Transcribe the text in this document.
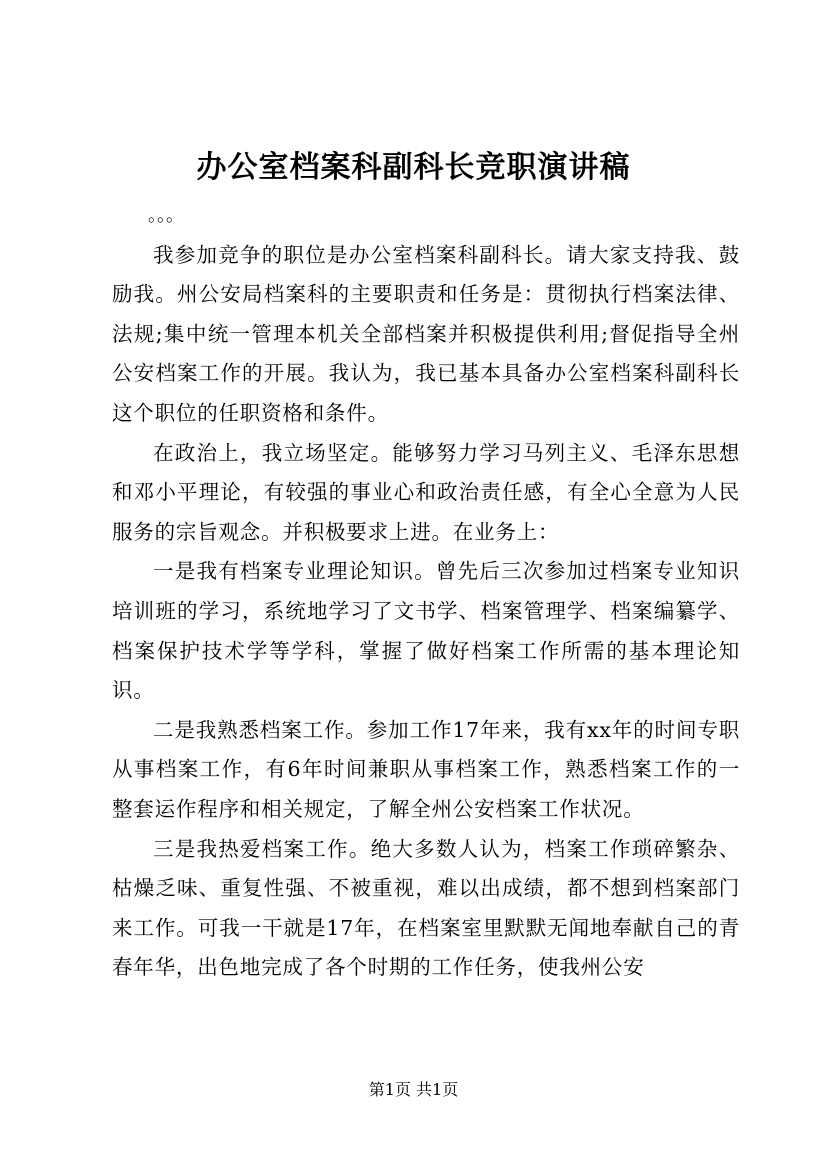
办公室档案科副科长竞职演讲稿

。。。

我参加竞争的职位是办公室档案科副科长。请大家支持我、鼓励我。州公安局档案科的主要职责和任务是：贯彻执行档案法律、法规;集中统一管理本机关全部档案并积极提供利用;督促指导全州公安档案工作的开展。我认为，我已基本具备办公室档案科副科长这个职位的任职资格和条件。

在政治上，我立场坚定。能够努力学习马列主义、毛泽东思想和邓小平理论，有较强的事业心和政治责任感，有全心全意为人民服务的宗旨观念。并积极要求上进。在业务上：

一是我有档案专业理论知识。曾先后三次参加过档案专业知识培训班的学习，系统地学习了文书学、档案管理学、档案编纂学、档案保护技术学等学科，掌握了做好档案工作所需的基本理论知识。

二是我熟悉档案工作。参加工作17年来，我有xx年的时间专职从事档案工作，有6年时间兼职从事档案工作，熟悉档案工作的一整套运作程序和相关规定，了解全州公安档案工作状况。

三是我热爱档案工作。绝大多数人认为，档案工作琐碎繁杂、枯燥乏味、重复性强、不被重视，难以出成绩，都不想到档案部门来工作。可我一干就是17年，在档案室里默默无闻地奉献自己的青春年华，出色地完成了各个时期的工作任务，使我州公安

第1页 共1页
